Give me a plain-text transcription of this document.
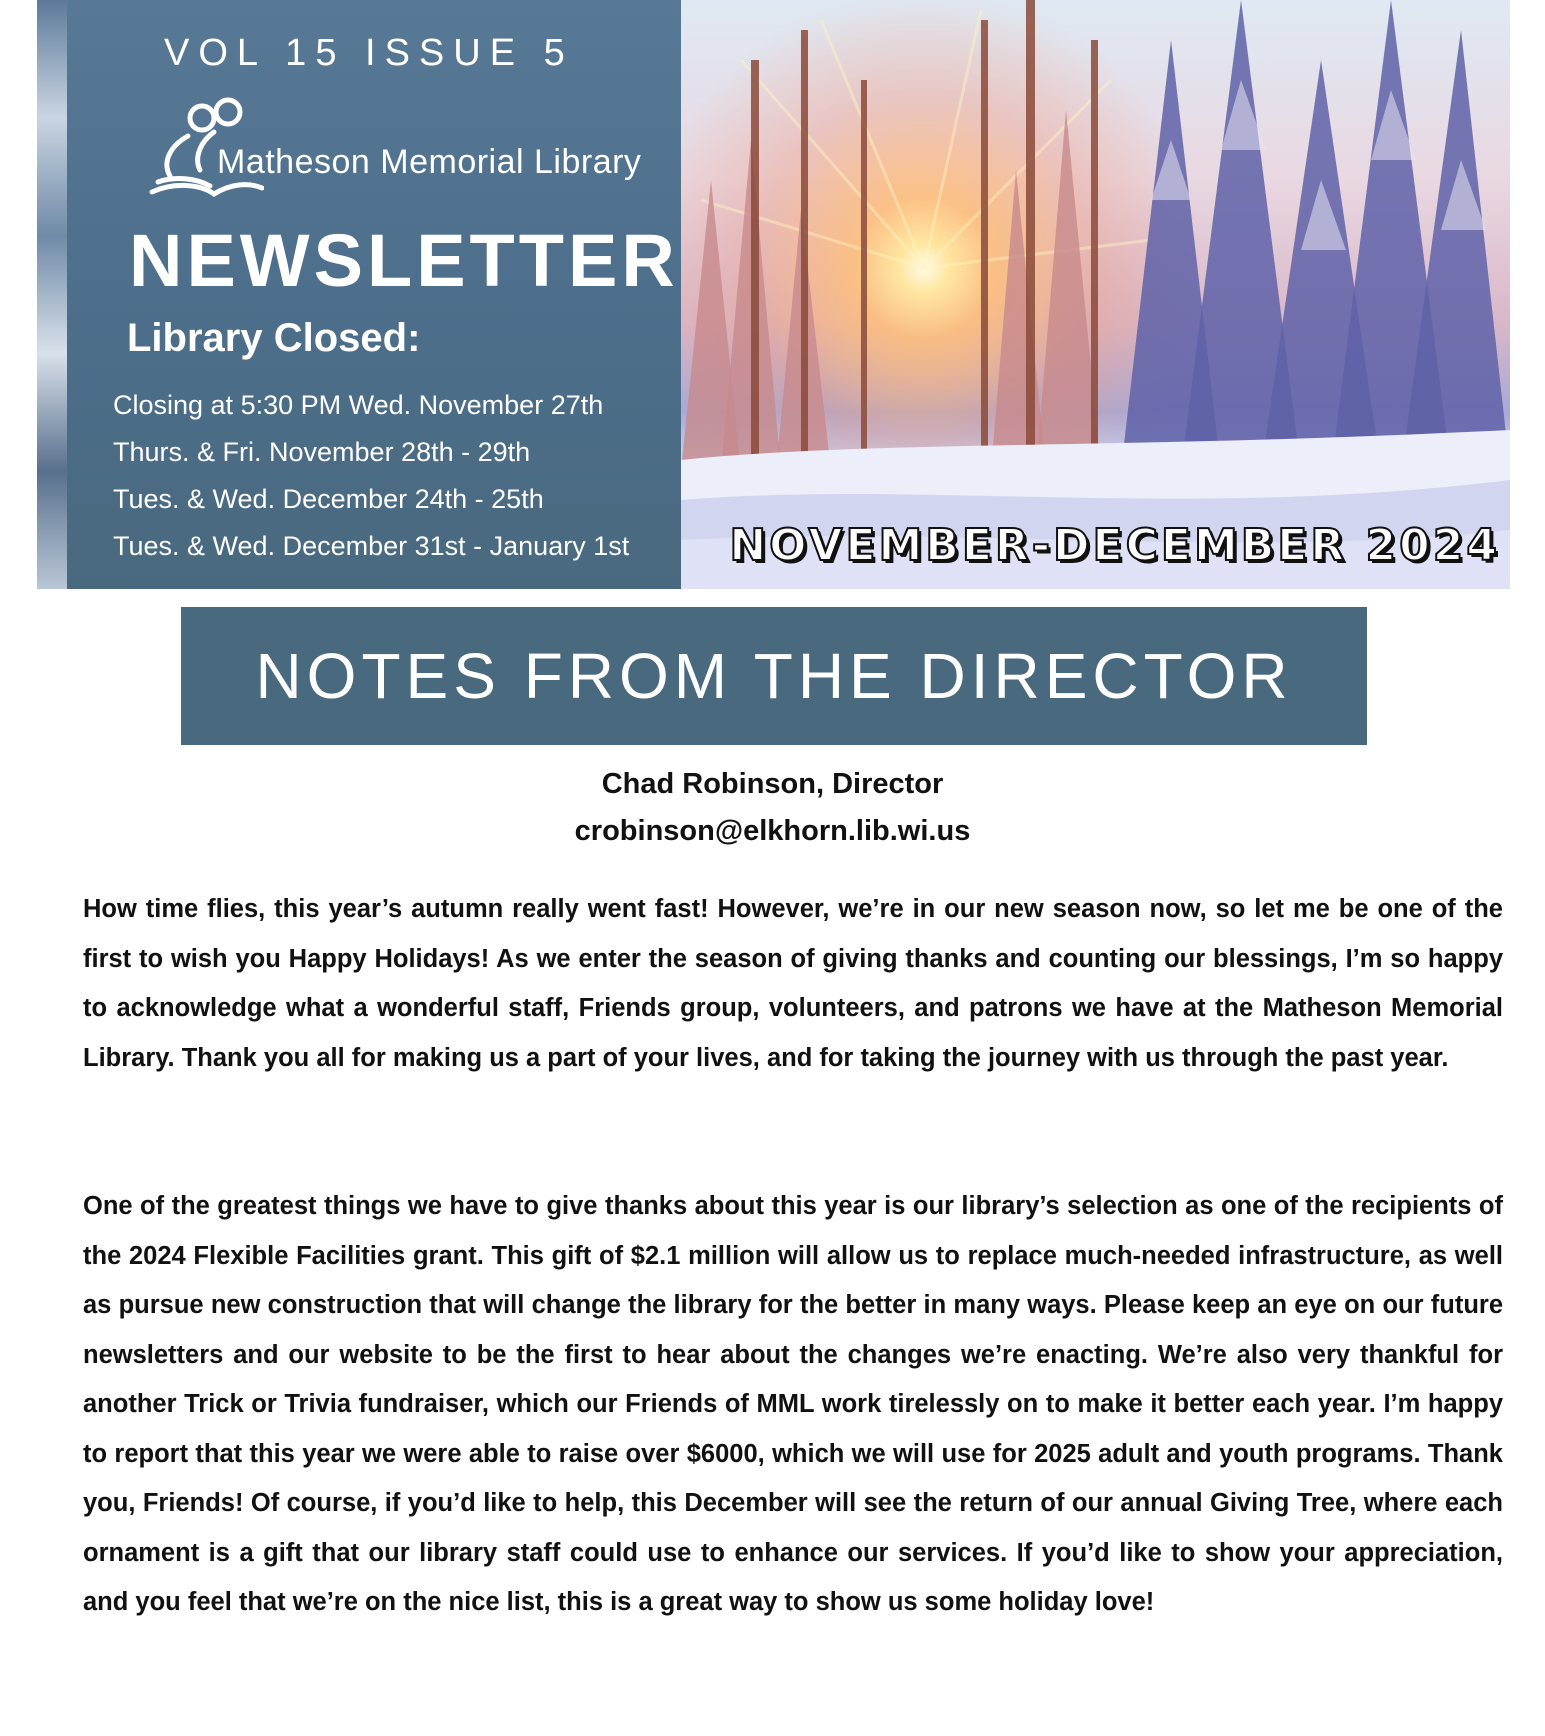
VOL 15 ISSUE 5
Matheson Memorial Library
NEWSLETTER
Library Closed:
Closing at 5:30 PM Wed. November 27th
Thurs. & Fri. November 28th - 29th
Tues. & Wed. December 24th - 25th
Tues. & Wed. December 31st - January 1st NOVEMBER-DECEMBER 2024
NOTES FROM THE DIRECTOR
Chad Robinson, Director
crobinson@elkhorn.lib.wi.us

How time flies, this year’s autumn really went fast! However, we’re in our new season now, so let me be one of the first to wish you Happy Holidays! As we enter the season of giving thanks and counting our blessings, I’m so happy to acknowledge what a wonderful staff, Friends group, volunteers, and patrons we have at the Matheson Memorial Library. Thank you all for making us a part of your lives, and for taking the journey with us through the past year.

One of the greatest things we have to give thanks about this year is our library’s selection as one of the recipients of the 2024 Flexible Facilities grant. This gift of $2.1 million will allow us to replace much-needed infrastructure, as well as pursue new construction that will change the library for the better in many ways. Please keep an eye on our future newsletters and our website to be the first to hear about the changes we’re enacting. We’re also very thankful for another Trick or Trivia fundraiser, which our Friends of MML work tirelessly on to make it better each year. I’m happy to report that this year we were able to raise over $6000, which we will use for 2025 adult and youth programs. Thank you, Friends! Of course, if you’d like to help, this December will see the return of our annual Giving Tree, where each ornament is a gift that our library staff could use to enhance our services. If you’d like to show your appreciation, and you feel that we’re on the nice list, this is a great way to show us some holiday love!
